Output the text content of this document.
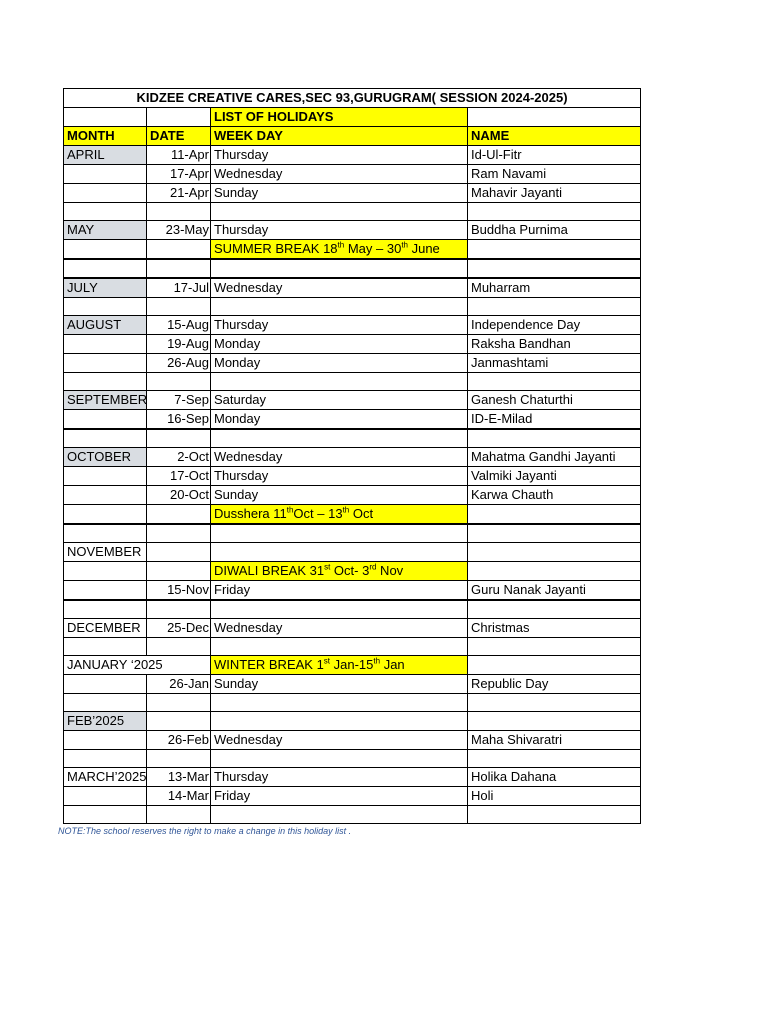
KIDZEE CREATIVE CARES,SEC 93,GURUGRAM( SESSION 2024-2025)			
		LIST OF HOLIDAYS	
MONTH	DATE	WEEK DAY	NAME
APRIL	11-Apr	Thursday	Id-Ul-Fitr
	17-Apr	Wednesday	Ram Navami
	21-Apr	Sunday	Mahavir Jayanti

MAY	23-May	Thursday	Buddha Purnima
		SUMMER BREAK 18th May – 30th June	

JULY	17-Jul	Wednesday	Muharram

AUGUST	15-Aug	Thursday	Independence Day
	19-Aug	Monday	Raksha Bandhan
	26-Aug	Monday	Janmashtami

SEPTEMBER	7-Sep	Saturday	Ganesh Chaturthi
	16-Sep	Monday	ID-E-Milad

OCTOBER	2-Oct	Wednesday	Mahatma Gandhi Jayanti
	17-Oct	Thursday	Valmiki Jayanti
	20-Oct	Sunday	Karwa Chauth
		Dusshera 11thOct – 13th Oct	

NOVEMBER			
		DIWALI BREAK 31st Oct- 3rd Nov	
	15-Nov	Friday	Guru Nanak Jayanti

DECEMBER	25-Dec	Wednesday	Christmas

JANUARY ‘2025		WINTER BREAK 1st Jan-15th Jan	
	26-Jan	Sunday	Republic Day

FEB’2025			
	26-Feb	Wednesday	Maha Shivaratri

MARCH’2025	13-Mar	Thursday	Holika Dahana
	14-Mar	Friday	Holi

NOTE:The school reserves the right to make a change in this holiday list .
